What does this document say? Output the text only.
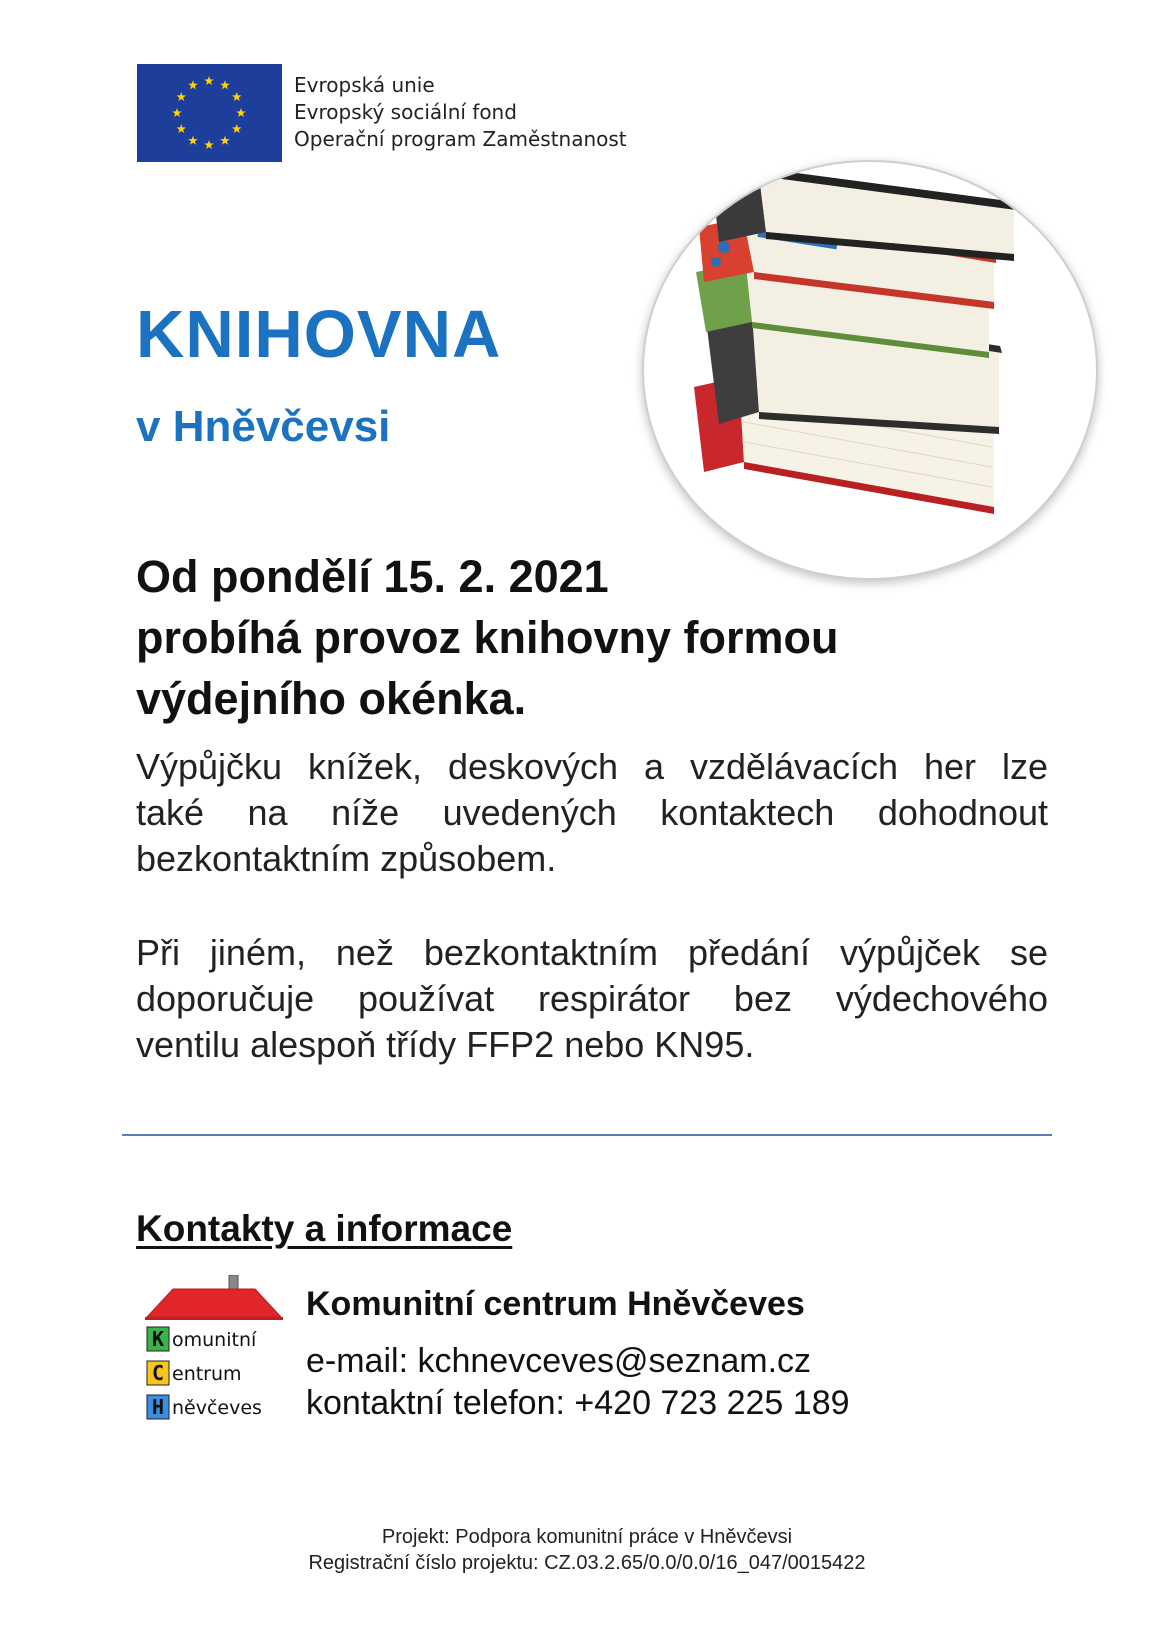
Evropská unie
Evropský sociální fond
Operační program Zaměstnanost
KNIHOVNA
v Hněvčevsi
Od pondělí 15. 2. 2021
probíhá provoz knihovny formou
výdejního okénka.
Výpůjčku knížek, deskových a vzdělávacích her lze
také na níže uvedených kontaktech dohodnout
bezkontaktním způsobem.
Při jiném, než bezkontaktním předání výpůjček se
doporučuje používat respirátor bez výdechového
ventilu alespoň třídy FFP2 nebo KN95.
Kontakty a informace
K omunitní
C entrum
H něvčeves
Komunitní centrum Hněvčeves
e-mail: kchnevceves@seznam.cz
kontaktní telefon: +420 723 225 189
Projekt: Podpora komunitní práce v Hněvčevsi
Registrační číslo projektu: CZ.03.2.65/0.0/0.0/16_047/0015422
